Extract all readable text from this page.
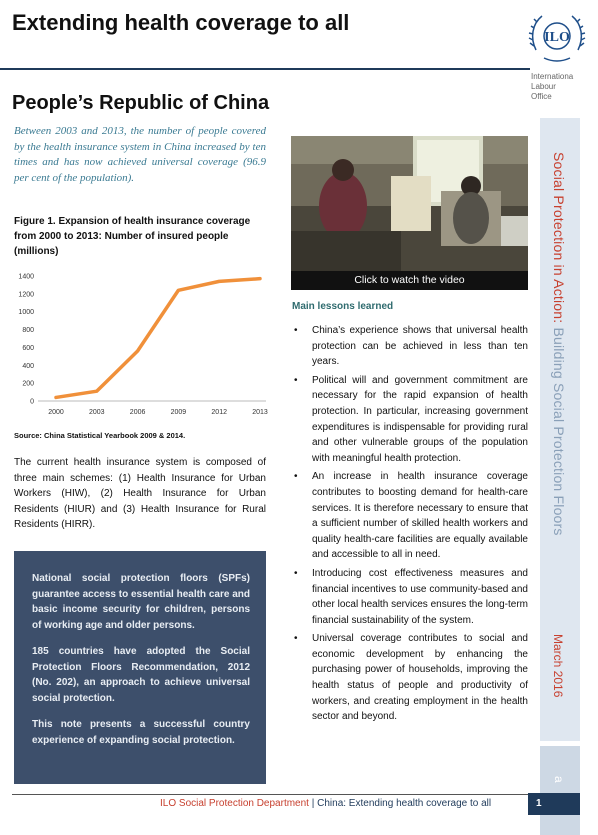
Extending health coverage to all
ILO
Internationa
Labour
Office
Social Protection in Action: Building Social Protection Floors
March 2016
a
People’s Republic of China
Between 2003 and 2013, the number of people covered by the health insurance system in China increased by ten times and has now achieved universal coverage (96.9 per cent of the population).
Figure 1. Expansion of health insurance coverage from 2000 to 2013: Number of insured people (millions)
0
200
400
600
800
1000
1200
1400
2000	2003	2006	2009	2012	2013
Source: China Statistical Yearbook 2009 & 2014.
The current health insurance system is composed of three main schemes: (1) Health Insurance for Urban Workers (HIW), (2) Health Insurance for Urban Residents (HIUR) and (3) Health Insurance for Rural Residents (HIRR).

National social protection floors (SPFs) guarantee access to essential health care and basic income security for children, persons of working age and older persons.

185 countries have adopted the Social Protection Floors Recommendation, 2012 (No. 202), an approach to achieve universal social protection.

This note presents a successful country experience of expanding social protection.

Click to watch the video
Main lessons learned
• China’s experience shows that universal health protection can be achieved in less than ten years.
• Political will and government commitment are necessary for the rapid expansion of health protection. In particular, increasing government expenditures is indispensable for providing rural and other vulnerable groups of the population with meaningful health protection.
• An increase in health insurance coverage contributes to boosting demand for health-care services. It is therefore necessary to ensure that a sufficient number of skilled health workers and quality health-care facilities are equally available and accessible to all in need.
• Introducing cost effectiveness measures and financial incentives to use community-based and other local health services ensures the long-term financial sustainability of the system.
• Universal coverage contributes to social and economic development by enhancing the purchasing power of households, improving the health status of people and productivity of workers, and creating employment in the health sector and beyond.
ILO Social Protection Department | China: Extending health coverage to all	1
